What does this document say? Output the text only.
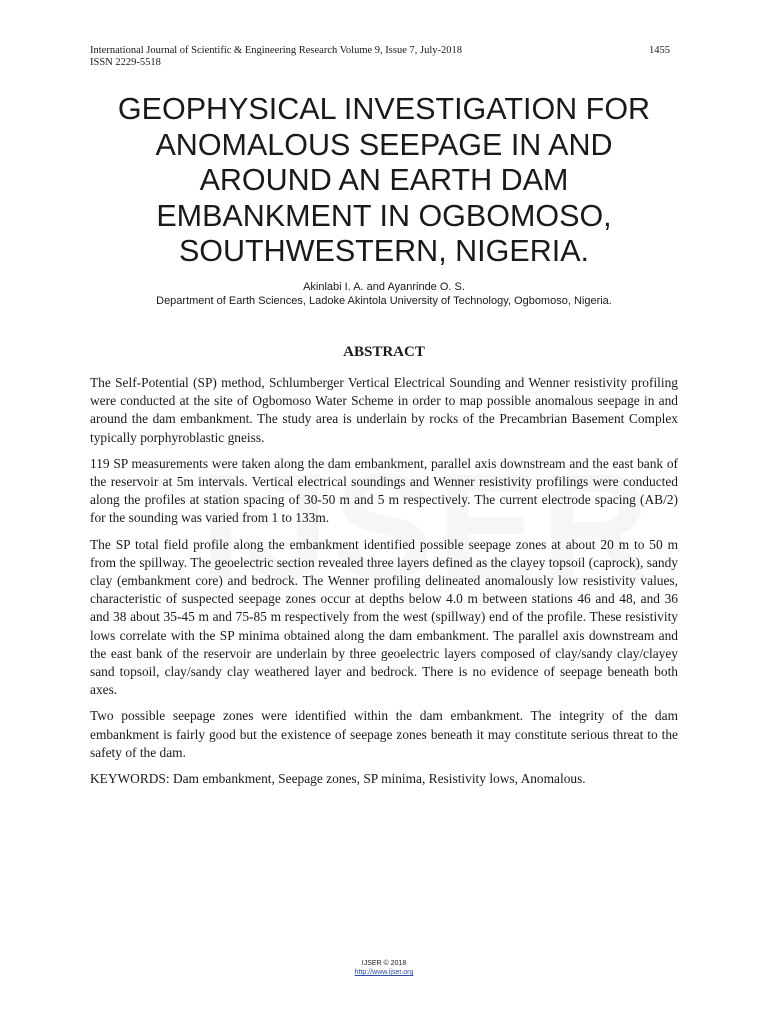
International Journal of Scientific & Engineering Research Volume 9, Issue 7, July-2018	1455
ISSN 2229-5518
GEOPHYSICAL INVESTIGATION FOR ANOMALOUS SEEPAGE IN AND AROUND AN EARTH DAM EMBANKMENT IN OGBOMOSO, SOUTHWESTERN, NIGERIA.
Akinlabi I. A. and Ayanrinde O. S.
Department of Earth Sciences, Ladoke Akintola University of Technology, Ogbomoso, Nigeria.
ABSTRACT

The Self-Potential (SP) method, Schlumberger Vertical Electrical Sounding and Wenner resistivity profiling were conducted at the site of Ogbomoso Water Scheme in order to map possible anomalous seepage in and around the dam embankment. The study area is underlain by rocks of the Precambrian Basement Complex typically porphyroblastic gneiss.

119 SP measurements were taken along the dam embankment, parallel axis downstream and the east bank of the reservoir at 5m intervals. Vertical electrical soundings and Wenner resistivity profilings were conducted along the profiles at station spacing of 30-50 m and 5 m respectively. The current electrode spacing (AB/2) for the sounding was varied from 1 to 133m.

The SP total field profile along the embankment identified possible seepage zones at about 20 m to 50 m from the spillway. The geoelectric section revealed three layers defined as the clayey topsoil (caprock), sandy clay (embankment core) and bedrock. The Wenner profiling delineated anomalously low resistivity values, characteristic of suspected seepage zones occur at depths below 4.0 m between stations 46 and 48, and 36 and 38 about 35-45 m and 75-85 m respectively from the west (spillway) end of the profile. These resistivity lows correlate with the SP minima obtained along the dam embankment. The parallel axis downstream and the east bank of the reservoir are underlain by three geoelectric layers composed of clay/sandy clay/clayey sand topsoil, clay/sandy clay weathered layer and bedrock. There is no evidence of seepage beneath both axes.

Two possible seepage zones were identified within the dam embankment. The integrity of the dam embankment is fairly good but the existence of seepage zones beneath it may constitute serious threat to the safety of the dam.

KEYWORDS: Dam embankment, Seepage zones, SP minima, Resistivity lows, Anomalous.

IJSER © 2018
http://www.ijser.org
